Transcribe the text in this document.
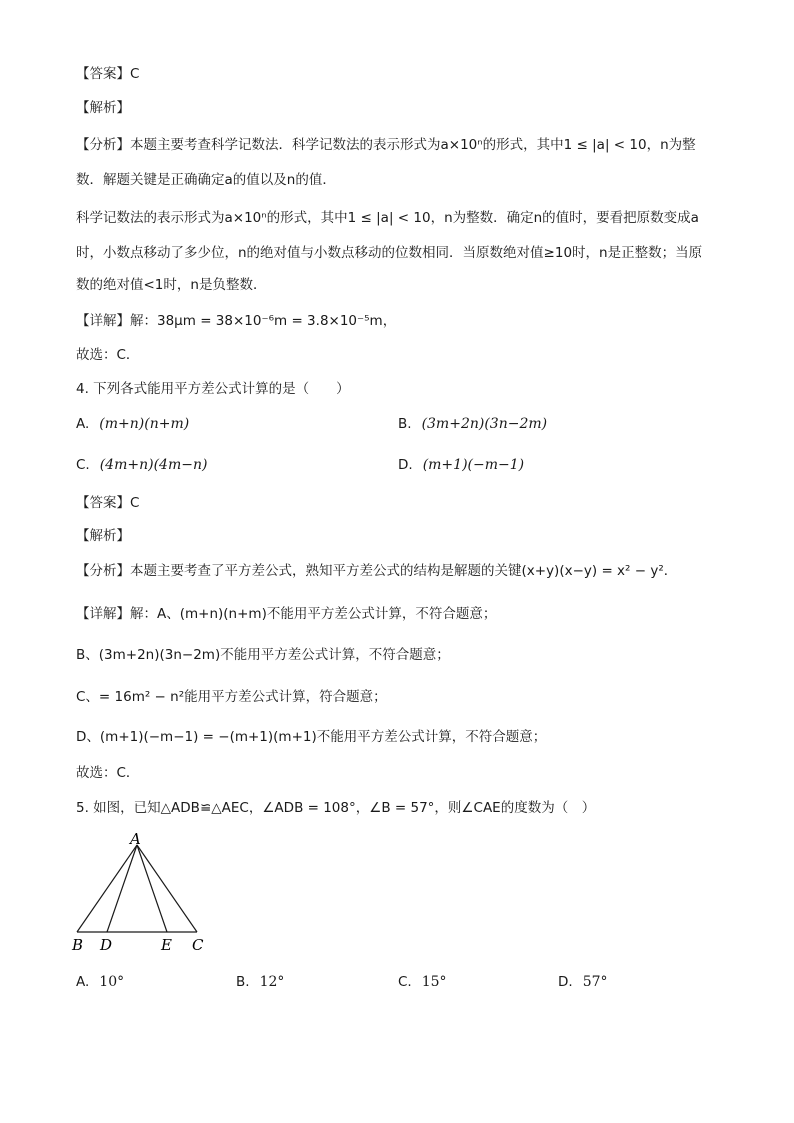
【答案】C
【解析】
【分析】本题主要考查科学记数法．科学记数法的表示形式为a×10ⁿ的形式，其中1 ≤ |a| < 10，n为整
数．解题关键是正确确定a的值以及n的值．
科学记数法的表示形式为a×10ⁿ的形式，其中1 ≤ |a| < 10，n为整数．确定n的值时，要看把原数变成a
时，小数点移动了多少位，n的绝对值与小数点移动的位数相同．当原数绝对值≥10时，n是正整数；当原
数的绝对值<1时，n是负整数．
【详解】解：38μm = 38×10⁻⁶m = 3.8×10⁻⁵m，
故选：C．
4. 下列各式能用平方差公式计算的是（　　）
A. (m+n)(n+m)	B. (3m+2n)(3n−2m)
C. (4m+n)(4m−n)	D. (m+1)(−m−1)
【答案】C
【解析】
【分析】本题主要考查了平方差公式，熟知平方差公式的结构是解题的关键(x+y)(x−y) = x² − y²．
【详解】解：A、(m+n)(n+m)不能用平方差公式计算，不符合题意；
B、(3m+2n)(3n−2m)不能用平方差公式计算，不符合题意；
C、= 16m² − n²能用平方差公式计算，符合题意；
D、(m+1)(−m−1) = −(m+1)(m+1)不能用平方差公式计算，不符合题意；
故选：C．
5. 如图，已知△ADB≌△AEC，∠ADB = 108°，∠B = 57°，则∠CAE的度数为（　）
A
B D	E C
A. 10°	B. 12°	C. 15°	D. 57°
